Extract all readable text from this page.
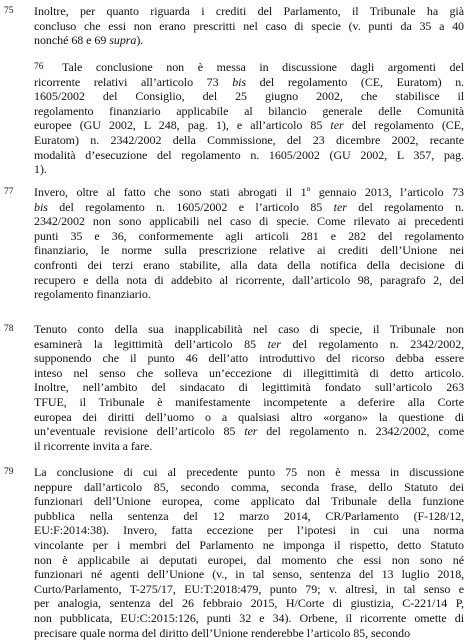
75 Inoltre, per quanto riguarda i crediti del Parlamento, il Tribunale ha già
concluso che essi non erano prescritti nel caso di specie (v. punti da 35 a 40
nonché 68 e 69 supra).
76 Tale conclusione non è messa in discussione dagli argomenti del
ricorrente relativi all’articolo 73 bis del regolamento (CE, Euratom) n.
1605/2002 del Consiglio, del 25 giugno 2002, che stabilisce il
regolamento finanziario applicabile al bilancio generale delle Comunità
europee (GU 2002, L 248, pag. 1), e all’articolo 85 ter del regolamento (CE,
Euratom) n. 2342/2002 della Commissione, del 23 dicembre 2002, recante
modalità d’esecuzione del regolamento n. 1605/2002 (GU 2002, L 357, pag.
1).
77 Invero, oltre al fatto che sono stati abrogati il 1º gennaio 2013, l’articolo 73
bis del regolamento n. 1605/2002 e l’articolo 85 ter del regolamento n.
2342/2002 non sono applicabili nel caso di specie. Come rilevato ai precedenti
punti 35 e 36, conformemente agli articoli 281 e 282 del regolamento
finanziario, le norme sulla prescrizione relative ai crediti dell’Unione nei
confronti dei terzi erano stabilite, alla data della notifica della decisione di
recupero e della nota di addebito al ricorrente, dall’articolo 98, paragrafo 2, del
regolamento finanziario.
78 Tenuto conto della sua inapplicabilità nel caso di specie, il Tribunale non
esaminerà la legittimità dell’articolo 85 ter del regolamento n. 2342/2002,
supponendo che il punto 46 dell’atto introduttivo del ricorso debba essere
inteso nel senso che solleva un’eccezione di illegittimità di detto articolo.
Inoltre, nell’ambito del sindacato di legittimità fondato sull’articolo 263
TFUE, il Tribunale è manifestamente incompetente a deferire alla Corte
europea dei diritti dell’uomo o a qualsiasi altro «organo» la questione di
un’eventuale revisione dell’articolo 85 ter del regolamento n. 2342/2002, come
il ricorrente invita a fare.
79 La conclusione di cui al precedente punto 75 non è messa in discussione
neppure dall’articolo 85, secondo comma, seconda frase, dello Statuto dei
funzionari dell’Unione europea, come applicato dal Tribunale della funzione
pubblica nella sentenza del 12 marzo 2014, CR/Parlamento (F-128/12,
EU:F:2014:38). Invero, fatta eccezione per l’ipotesi in cui una norma
vincolante per i membri del Parlamento ne imponga il rispetto, detto Statuto
non è applicabile ai deputati europei, dal momento che essi non sono né
funzionari né agenti dell’Unione (v., in tal senso, sentenza del 13 luglio 2018,
Curto/Parlamento, T-275/17, EU:T:2018:479, punto 79; v. altresì, in tal senso e
per analogia, sentenza del 26 febbraio 2015, H/Corte di giustizia, C-221/14 P,
non pubblicata, EU:C:2015:126, punti 32 e 34). Orbene, il ricorrente omette di
precisare quale norma del diritto dell’Unione renderebbe l’articolo 85, secondo
